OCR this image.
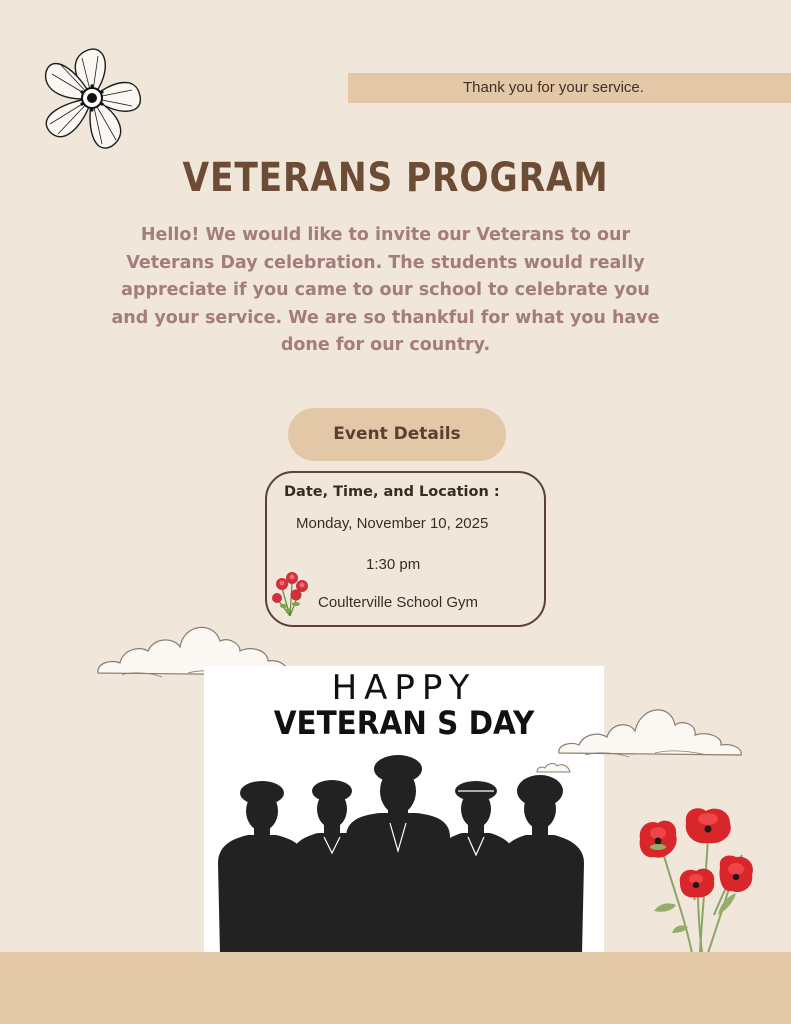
Thank you for your service.
VETERANS PROGRAM
Hello! We would like to invite our Veterans to our Veterans Day celebration. The students would really appreciate if you came to our school to celebrate you and your service. We are so thankful for what you have done for our country.
Event Details
Date, Time, and Location :
Monday, November 10, 2025
1:30 pm
Coulterville School Gym
HAPPY
VETERAN S DAY
